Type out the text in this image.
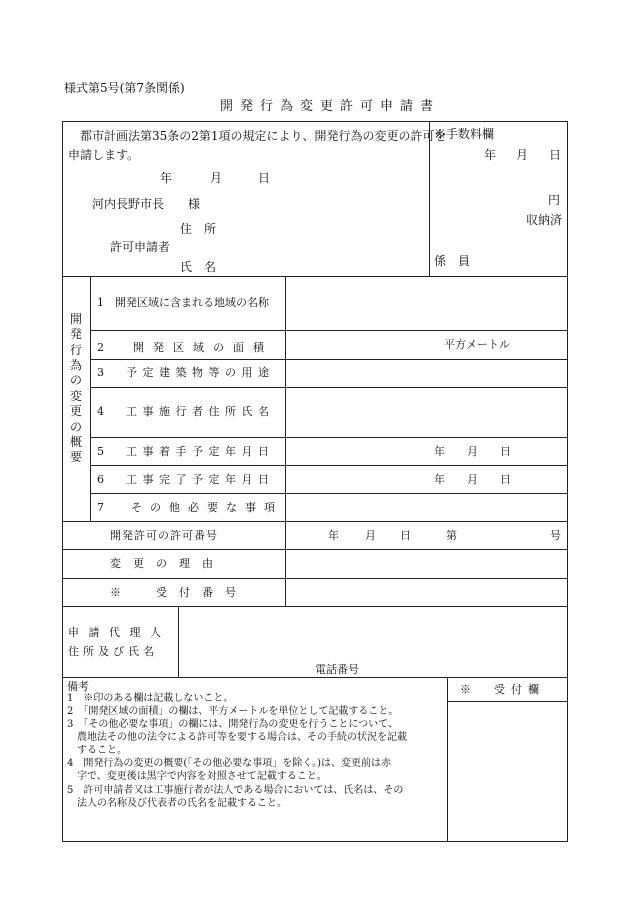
様式第5号(第7条関係)
開発行為変更許可申請書
都市計画法第35条の2第1項の規定により、開発行為の変更の許可を
申請します。
年	月	日
河内長野市長　　様
住　所
許可申請者
氏　名
※手数料欄
年 月 日
円
収納済
係　員
開発行為の変更の概要
1　開発区域に含まれる地域の名称
2　開発区域の面積	平方メートル
3　予定建築物等の用途
4　工事施行者住所氏名
5　工事着手予定年月日	年　　月　　日
6　工事完了予定年月日	年　　月　　日
7　その他必要な事項
開発許可の許可番号	年 月 日	第	号
変更の理由
※　受付番号
申請代理人
住所及び氏名
電話番号
備考
1　※印のある欄は記載しないこと。
2　「開発区域の面積」の欄は、平方メートルを単位として記載すること。
3　「その他必要な事項」の欄には、開発行為の変更を行うことについて、
　農地法その他の法令による許可等を要する場合は、その手続の状況を記載
　すること。
4　開発行為の変更の概要(「その他必要な事項」を除く。)は、変更前は赤
　字で、変更後は黒字で内容を対照させて記載すること。
5　許可申請者又は工事施行者が法人である場合においては、氏名は、その
　法人の名称及び代表者の氏名を記載すること。
※　受付欄
